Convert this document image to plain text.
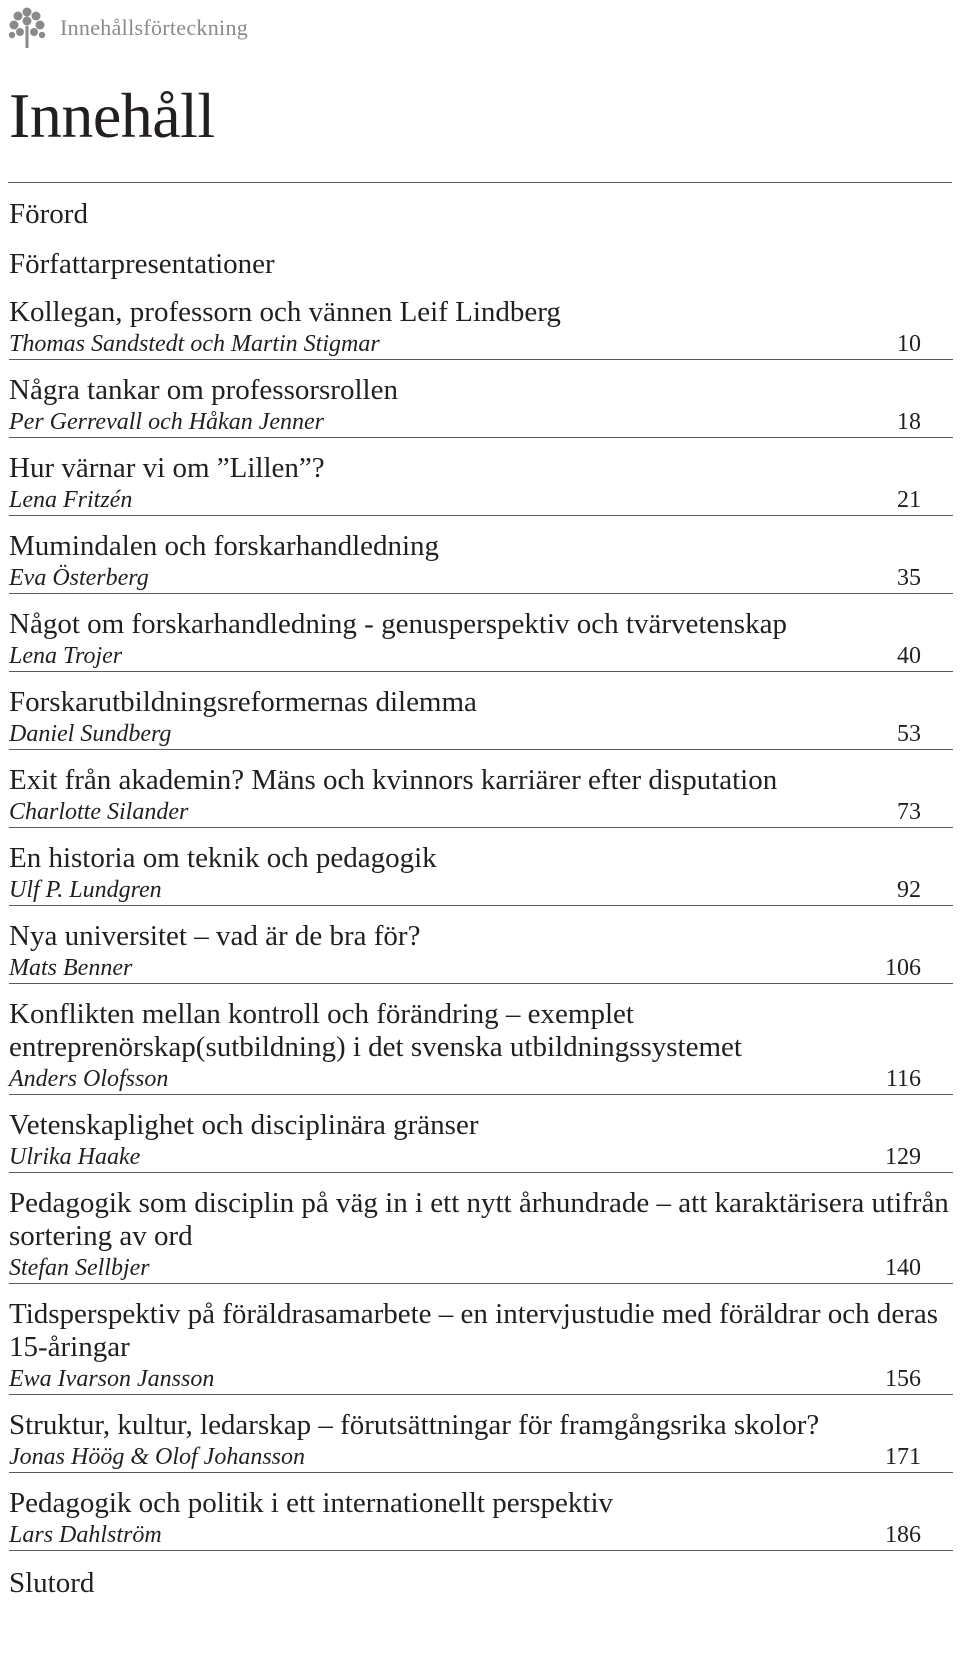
Innehållsförteckning
Innehåll
Förord
Författarpresentationer
Kollegan, professorn och vännen Leif Lindberg
Thomas Sandstedt och Martin Stigmar	10
Några tankar om professorsrollen
Per Gerrevall och Håkan Jenner	18
Hur värnar vi om ”Lillen”?
Lena Fritzén	21
Mumindalen och forskarhandledning
Eva Österberg	35
Något om forskarhandledning - genusperspektiv och tvärvetenskap
Lena Trojer	40
Forskarutbildningsreformernas dilemma
Daniel Sundberg	53
Exit från akademin? Mäns och kvinnors karriärer efter disputation
Charlotte Silander	73
En historia om teknik och pedagogik
Ulf P. Lundgren	92
Nya universitet – vad är de bra för?
Mats Benner	106
Konflikten mellan kontroll och förändring – exemplet entreprenörskap(sutbildning) i det svenska utbildningssystemet
Anders Olofsson	116
Vetenskaplighet och disciplinära gränser
Ulrika Haake	129
Pedagogik som disciplin på väg in i ett nytt århundrade – att karaktärisera utifrån sortering av ord
Stefan Sellbjer	140
Tidsperspektiv på föräldrasamarbete – en intervjustudie med föräldrar och deras 15-åringar
Ewa Ivarson Jansson	156
Struktur, kultur, ledarskap – förutsättningar för framgångsrika skolor?
Jonas Höög & Olof Johansson	171
Pedagogik och politik i ett internationellt perspektiv
Lars Dahlström	186
Slutord
